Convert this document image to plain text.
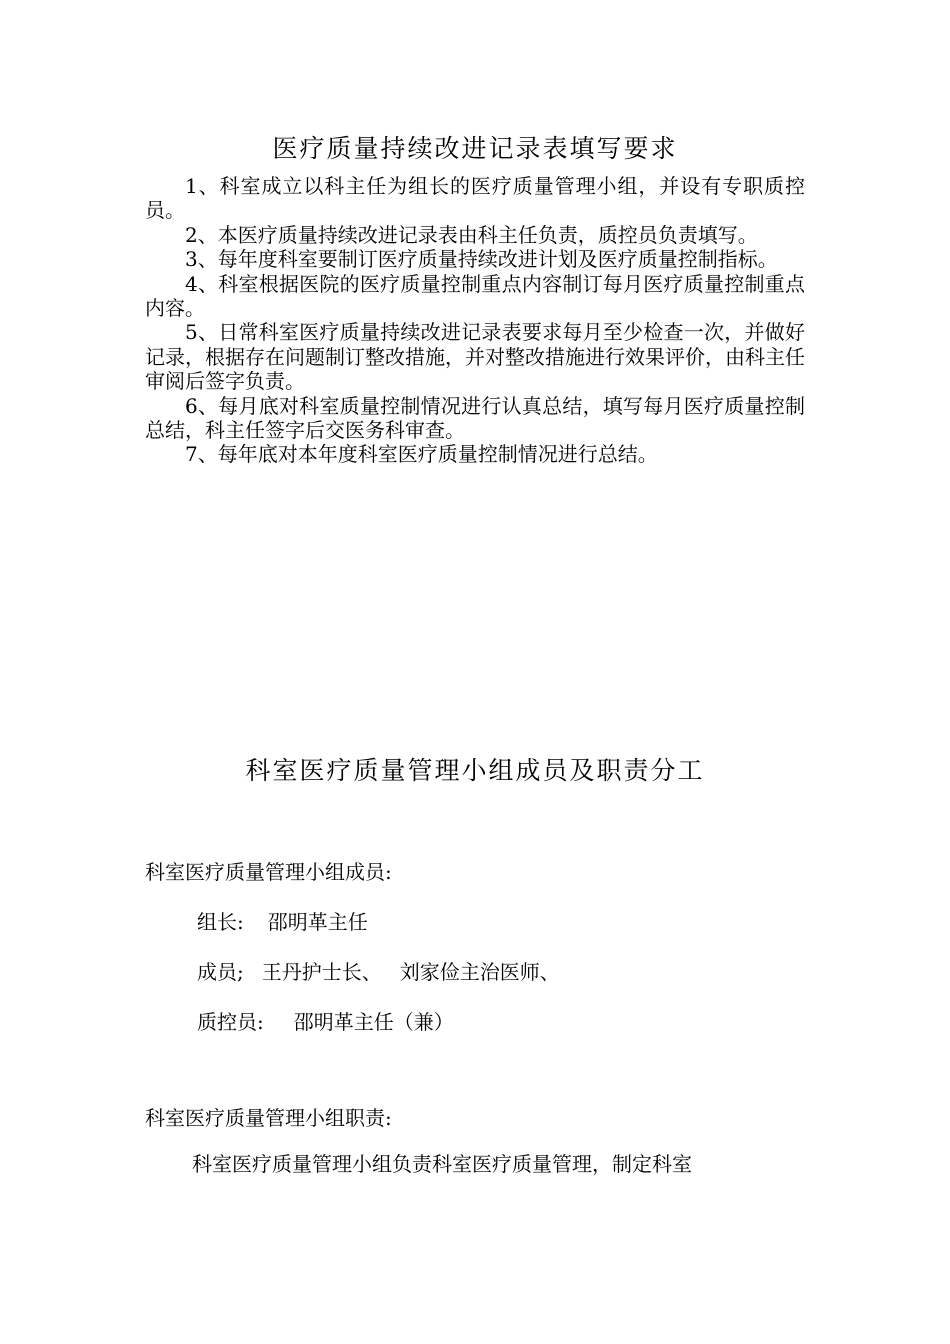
医疗质量持续改进记录表填写要求

1、科室成立以科主任为组长的医疗质量管理小组，并设有专职质控员。

2、本医疗质量持续改进记录表由科主任负责，质控员负责填写。

3、每年度科室要制订医疗质量持续改进计划及医疗质量控制指标。

4、科室根据医院的医疗质量控制重点内容制订每月医疗质量控制重点内容。

5、日常科室医疗质量持续改进记录表要求每月至少检查一次，并做好记录，根据存在问题制订整改措施，并对整改措施进行效果评价，由科主任审阅后签字负责。

6、每月底对科室质量控制情况进行认真总结，填写每月医疗质量控制总结，科主任签字后交医务科审查。

7、每年底对本年度科室医疗质量控制情况进行总结。

科室医疗质量管理小组成员及职责分工
科室医疗质量管理小组成员:
组长: 邵明革主任
成员; 王丹护士长、 刘家俭主治医师、
质控员: 邵明革主任（兼）
科室医疗质量管理小组职责:
科室医疗质量管理小组负责科室医疗质量管理，制定科室
